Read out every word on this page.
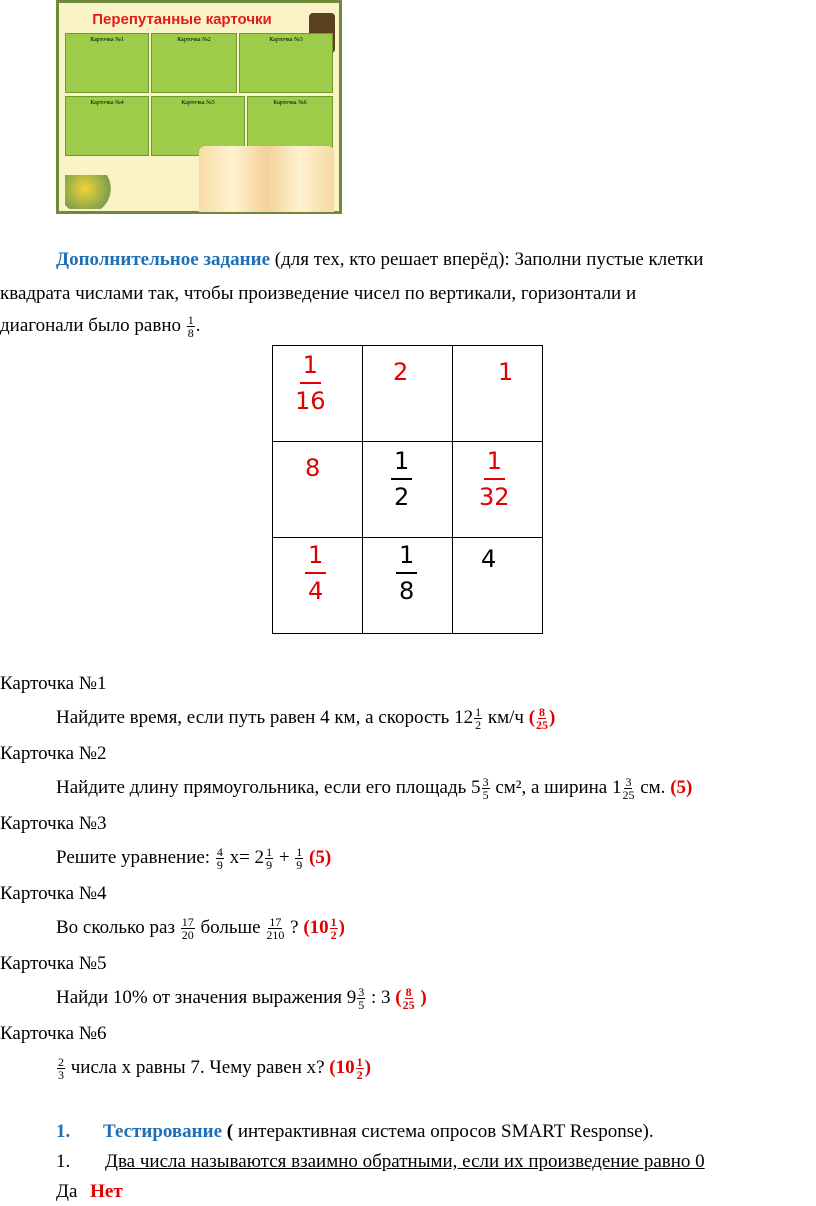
Перепутанные карточки
Карточка №1	Карточка №2	Карточка №3
Карточка №4	Карточка №5	Карточка №6
Дополнительное задание (для тех, кто решает вперёд): Заполни пустые клетки
квадрата числами так, чтобы произведение чисел по вертикали, горизонтали и
диагонали было равно $\frac{1}{8}$ .
$\frac{1}{16}$	2	1

8	$\frac{1}{2}$	$\frac{1}{32}$

$\frac{1}{4}$	$\frac{1}{8}$	4
Карточка №1
Найдите время, если путь равен 4 км, а скорость $12 \frac{1}{2} км/ч$ ( $\frac{8}{25}$ )
Карточка №2
Найдите длину прямоугольника, если его площадь $5 \frac{3}{5} см^2$, а ширина $1 \frac{3}{25}$ см. (5)
Карточка №3
Решите уравнение: $\frac{4}{9} x= 2 \frac{1}{9} + \frac{1}{9} (5)$
Карточка №4
Во сколько раз $\frac{17}{20}$ больше $\frac{17}{210}$ ? ($10 \frac{1}{2}$ )
Карточка №5
Найди 10% от значения выражения $9 \frac{3}{5}$ : 3 ( $\frac{8}{25}$ )
Карточка №6
$\frac{2}{3}$ числа x равны 7. Чему равен x? ($10 \frac{1}{2}$ )
1. Тестирование ( интерактивная система опросов SMART Response).
1. Два числа называются взаимно обратными, если их произведение равно 0
Да Нет
